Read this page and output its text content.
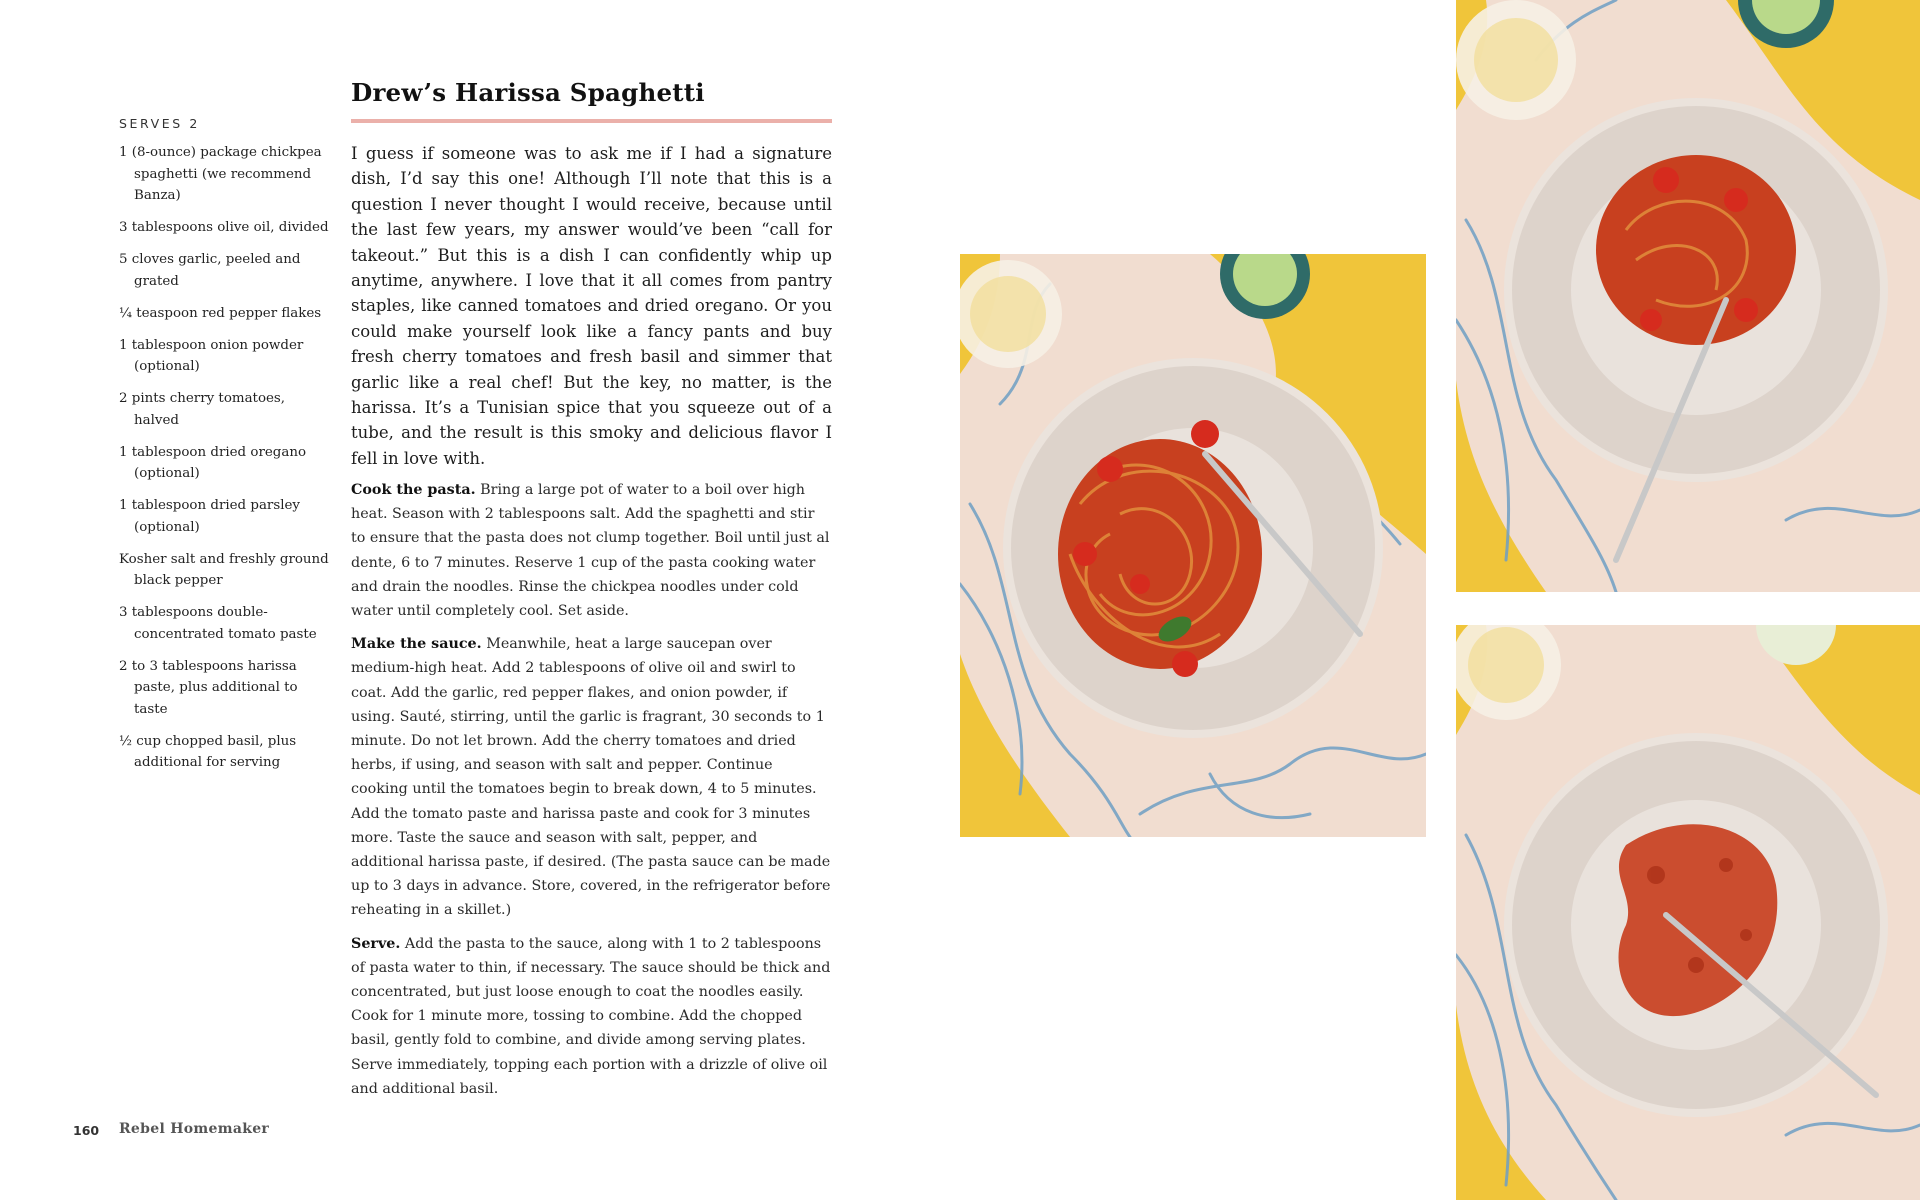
SERVES 2
1 (8-ounce) package chickpea spaghetti (we recommend Banza)
3 tablespoons olive oil, divided
5 cloves garlic, peeled and grated
¼ teaspoon red pepper flakes
1 tablespoon onion powder (optional)
2 pints cherry tomatoes, halved
1 tablespoon dried oregano (optional)
1 tablespoon dried parsley (optional)
Kosher salt and freshly ground black pepper
3 tablespoons double-concentrated tomato paste
2 to 3 tablespoons harissa paste, plus additional to taste
½ cup chopped basil, plus additional for serving
Drew’s Harissa Spaghetti

I guess if someone was to ask me if I had a signature dish, I’d say this one! Although I’ll note that this is a question I never thought I would receive, because until the last few years, my answer would’ve been “call for takeout.” But this is a dish I can confidently whip up anytime, anywhere. I love that it all comes from pantry staples, like canned tomatoes and dried oregano. Or you could make yourself look like a fancy pants and buy fresh cherry tomatoes and fresh basil and simmer that garlic like a real chef! But the key, no matter, is the harissa. It’s a Tunisian spice that you squeeze out of a tube, and the result is this smoky and delicious flavor I fell in love with.

Cook the pasta. Bring a large pot of water to a boil over high heat. Season with 2 tablespoons salt. Add the spaghetti and stir to ensure that the pasta does not clump together. Boil until just al dente, 6 to 7 minutes. Reserve 1 cup of the pasta cooking water and drain the noodles. Rinse the chickpea noodles under cold water until completely cool. Set aside.

Make the sauce. Meanwhile, heat a large saucepan over medium-high heat. Add 2 tablespoons of olive oil and swirl to coat. Add the garlic, red pepper flakes, and onion powder, if using. Sauté, stirring, until the garlic is fragrant, 30 seconds to 1 minute. Do not let brown. Add the cherry tomatoes and dried herbs, if using, and season with salt and pepper. Continue cooking until the tomatoes begin to break down, 4 to 5 minutes. Add the tomato paste and harissa paste and cook for 3 minutes more. Taste the sauce and season with salt, pepper, and additional harissa paste, if desired. (The pasta sauce can be made up to 3 days in advance. Store, covered, in the refrigerator before reheating in a skillet.)

Serve. Add the pasta to the sauce, along with 1 to 2 tablespoons of pasta water to thin, if necessary. The sauce should be thick and concentrated, but just loose enough to coat the noodles easily. Cook for 1 minute more, tossing to combine. Add the chopped basil, gently fold to combine, and divide among serving plates. Serve immediately, topping each portion with a drizzle of olive oil and additional basil.

160 Rebel Homemaker
